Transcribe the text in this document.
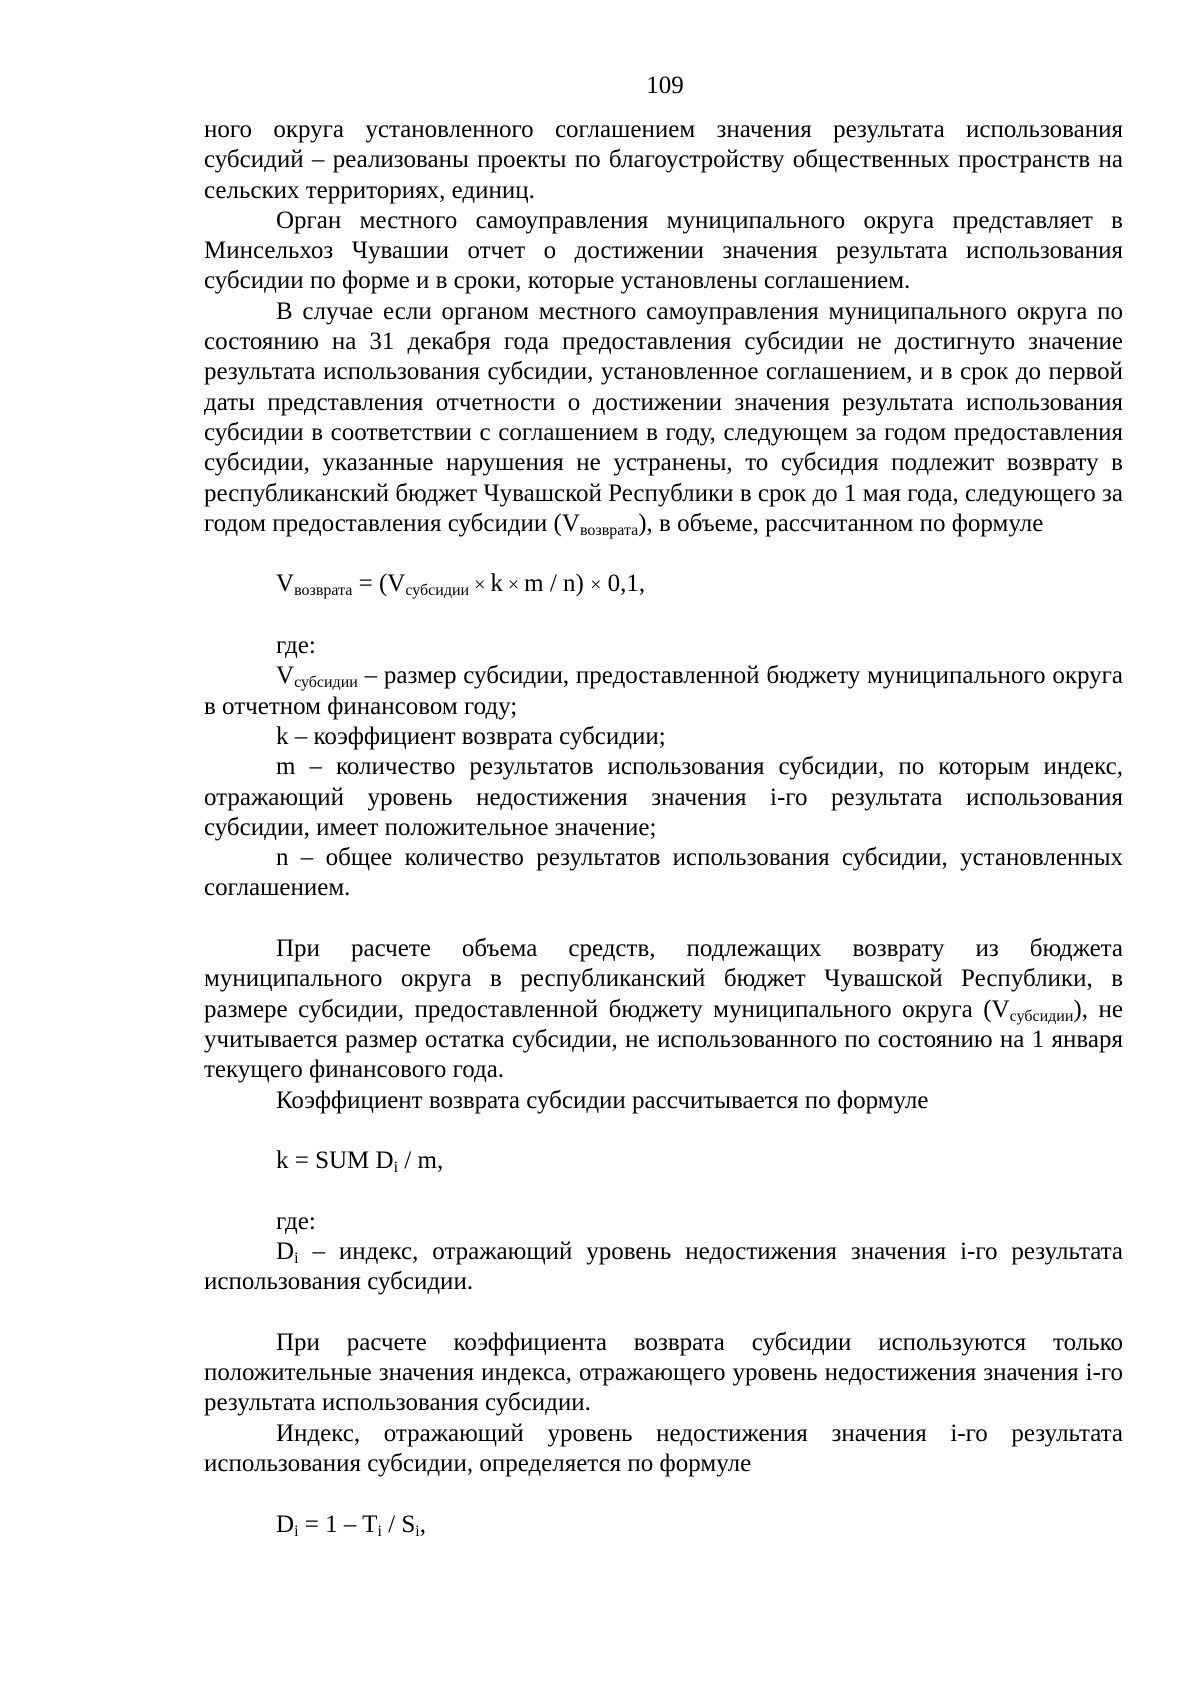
109

ного округа установленного соглашением значения результата использования субсидий – реализованы проекты по благоустройству общественных пространств на сельских территориях, единиц.

Орган местного самоуправления муниципального округа представляет в Минсельхоз Чувашии отчет о достижении значения результата использования субсидии по форме и в сроки, которые установлены соглашением.

В случае если органом местного самоуправления муниципального округа по состоянию на 31 декабря года предоставления субсидии не достигнуто значение результата использования субсидии, установленное соглашением, и в срок до первой даты представления отчетности о достижении значения результата использования субсидии в соответствии с соглашением в году, следующем за годом предоставления субсидии, указанные нарушения не устранены, то субсидия подлежит возврату в республиканский бюджет Чувашской Республики в срок до 1 мая года, следующего за годом предоставления субсидии $(V_{возврата})$, в объеме, рассчитанном по формуле

$V_{возврата} = (V_{субсидии} \times k \times m / n) \times 0,1$,

где:

$V_{субсидии}$ – размер субсидии, предоставленной бюджету муниципального округа в отчетном финансовом году;

k – коэффициент возврата субсидии;

m – количество результатов использования субсидии, по которым индекс, отражающий уровень недостижения значения i-го результата использования субсидии, имеет положительное значение;

n – общее количество результатов использования субсидии, установленных соглашением.

При расчете объема средств, подлежащих возврату из бюджета муниципального округа в республиканский бюджет Чувашской Республики, в размере субсидии, предоставленной бюджету муниципального округа $(V_{субсидии})$, не учитывается размер остатка субсидии, не использованного по состоянию на 1 января текущего финансового года.

Коэффициент возврата субсидии рассчитывается по формуле

k = SUM $D_i$ / m,

где:

$D_i$ – индекс, отражающий уровень недостижения значения i-го результата использования субсидии.

При расчете коэффициента возврата субсидии используются только положительные значения индекса, отражающего уровень недостижения значения i-го результата использования субсидии.

Индекс, отражающий уровень недостижения значения i-го результата использования субсидии, определяется по формуле

$D_i = 1 - T_i / S_i$,
